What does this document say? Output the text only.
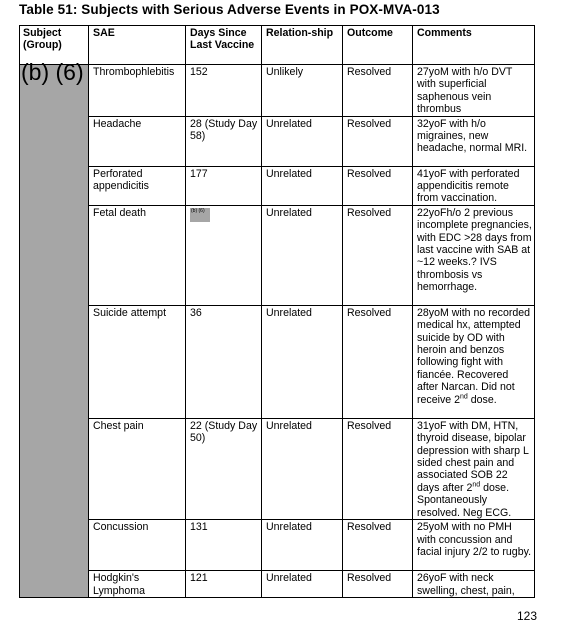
Table 51: Subjects with Serious Adverse Events in POX-MVA-013
Subject (Group)	SAE	Days Since Last Vaccine	Relation-ship	Outcome	Comments

(b) (6)	Thrombophlebitis	152	Unlikely	Resolved	27yoM with h/o DVT with superficial saphenous vein thrombus
	Headache	28 (Study Day 58)	Unrelated	Resolved	32yoF with h/o migraines, new headache, normal MRI.
	Perforated appendicitis	177	Unrelated	Resolved	41yoF with perforated appendicitis remote from vaccination.
	Fetal death	(b) (6)	Unrelated	Resolved	22yoFh/o 2 previous incomplete pregnancies, with EDC >28 days from last vaccine with SAB at ~12 weeks.? IVS thrombosis vs hemorrhage.
	Suicide attempt	36	Unrelated	Resolved	28yoM with no recorded medical hx, attempted suicide by OD with heroin and benzos following fight with fiancée. Recovered after Narcan. Did not receive 2nd dose.
	Chest pain	22 (Study Day 50)	Unrelated	Resolved	31yoF with DM, HTN, thyroid disease, bipolar depression with sharp L sided chest pain and associated SOB 22 days after 2nd dose. Spontaneously resolved. Neg ECG.
	Concussion	131	Unrelated	Resolved	25yoM with no PMH with concussion and facial injury 2/2 to rugby.
	Hodgkin's Lymphoma	121	Unrelated	Resolved	26yoF with neck swelling, chest, pain,
123
